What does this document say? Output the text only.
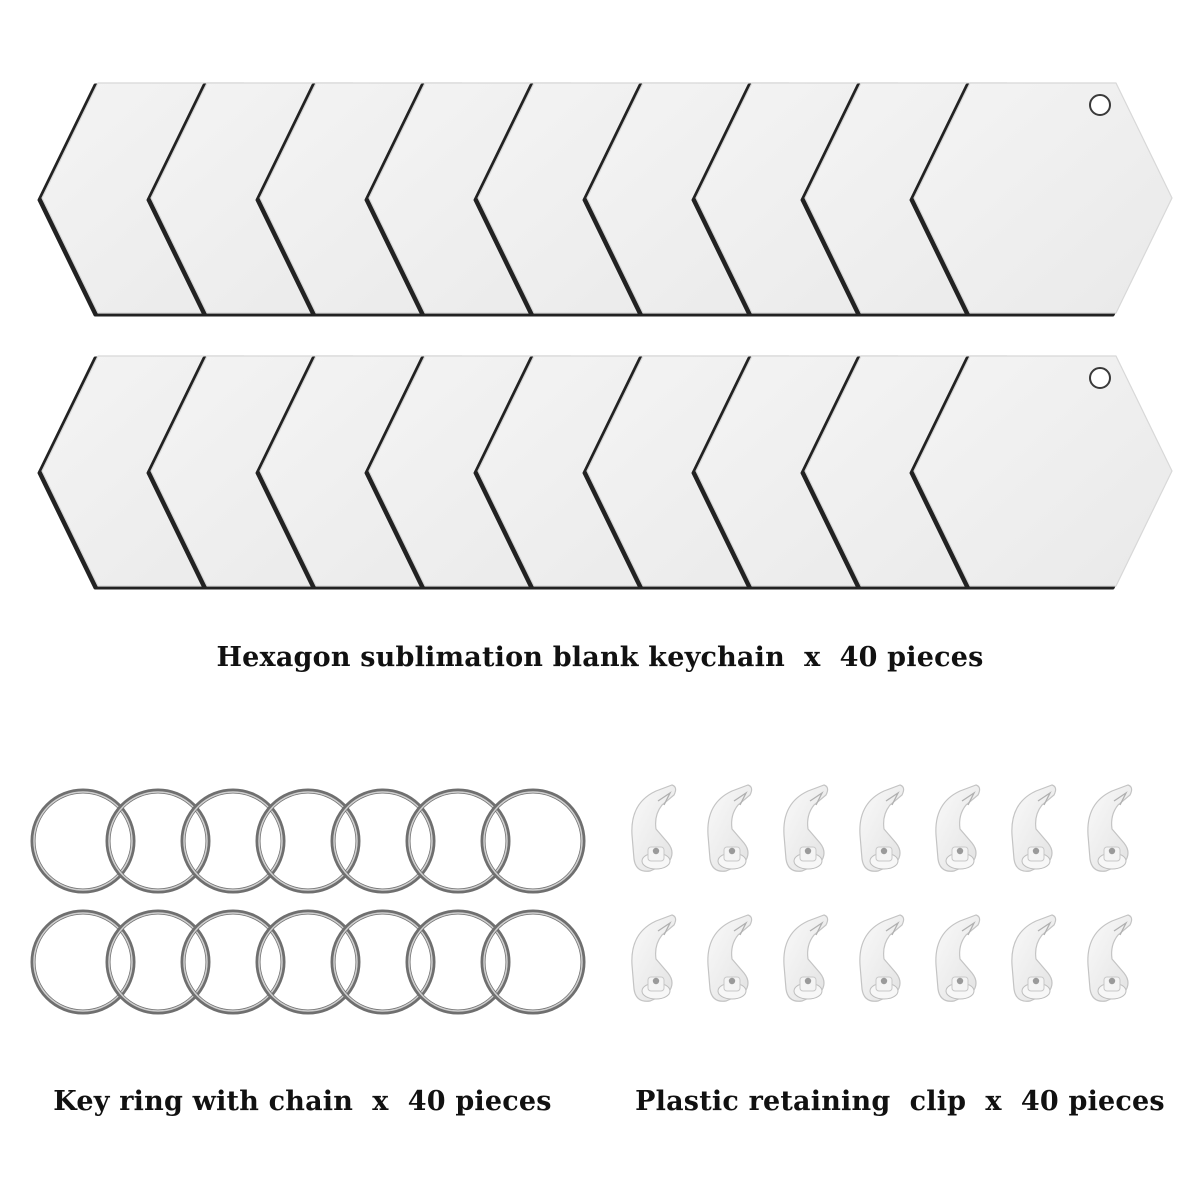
Hexagon sublimation blank keychain  x  40 pieces
Key ring with chain  x  40 pieces	Plastic retaining  clip  x  40 pieces
